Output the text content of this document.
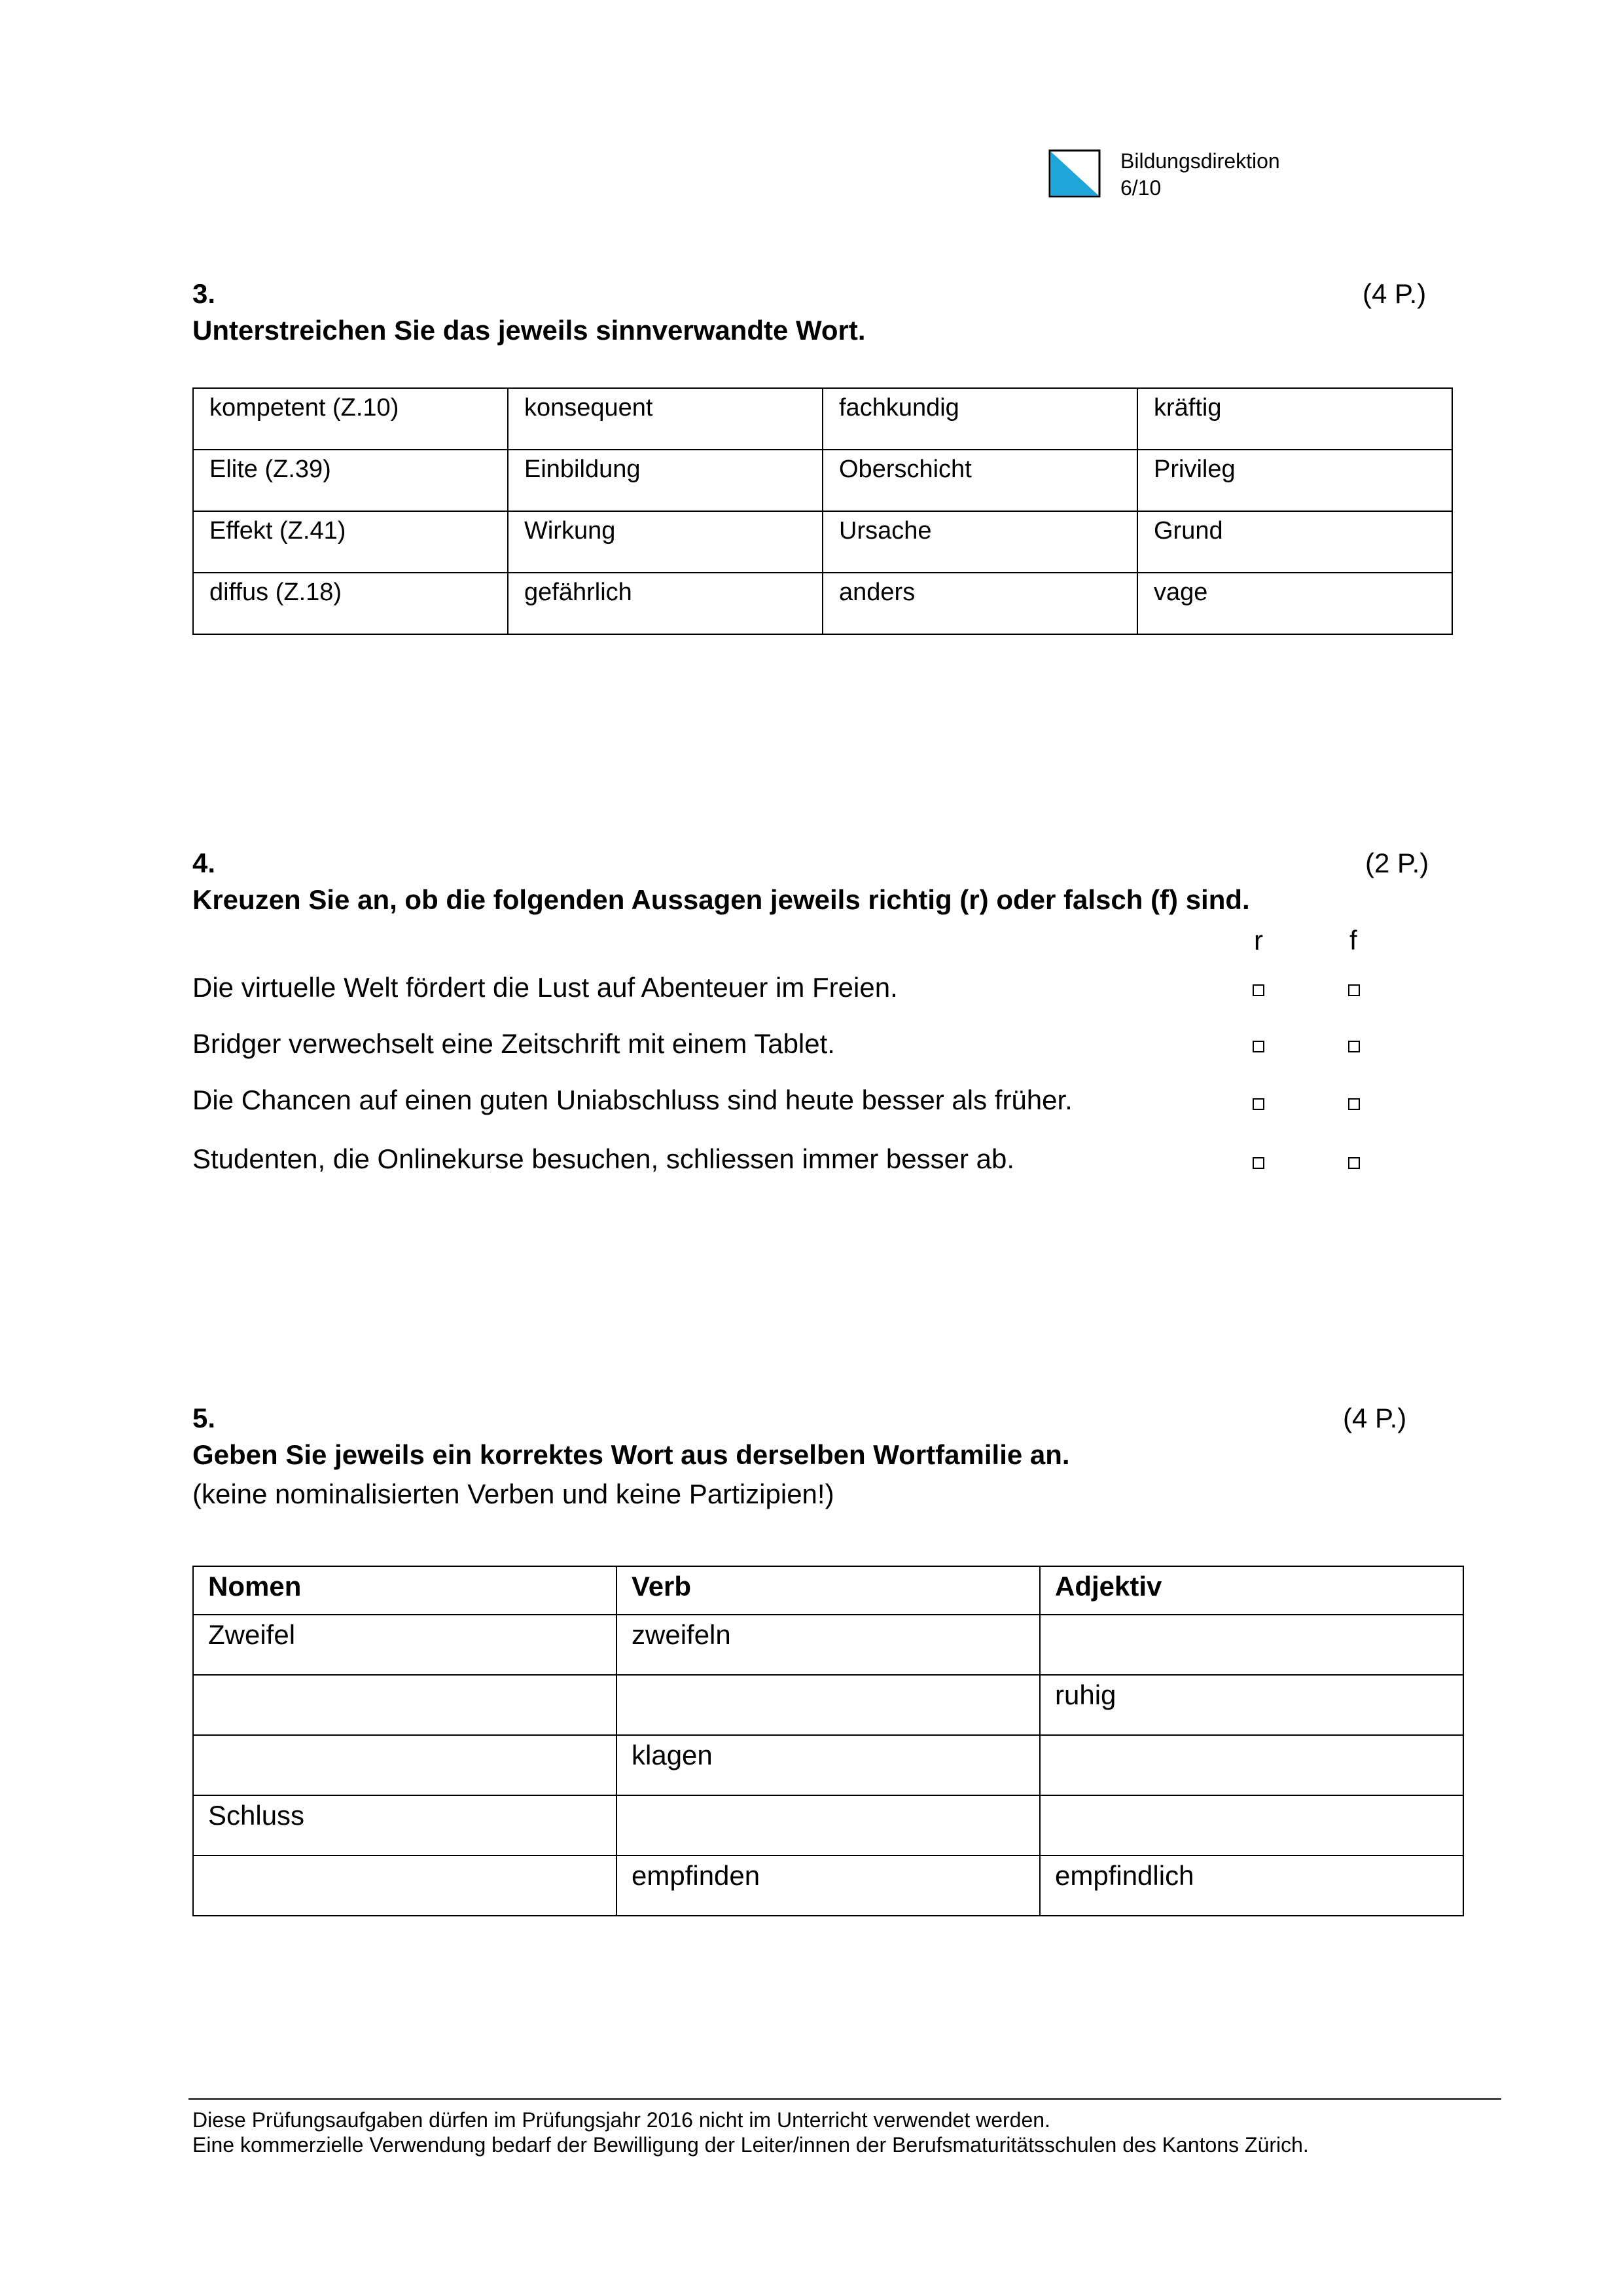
Bildungsdirektion
6/10
3.	(4 P.)
Unterstreichen Sie das jeweils sinnverwandte Wort.
kompetent (Z.10)	konsequent	fachkundig	kräftig
Elite (Z.39)	Einbildung	Oberschicht	Privileg
Effekt (Z.41)	Wirkung	Ursache	Grund
diffus (Z.18)	gefährlich	anders	vage
4.	(2 P.)
Kreuzen Sie an, ob die folgenden Aussagen jeweils richtig (r) oder falsch (f) sind.
r	f
Die virtuelle Welt fördert die Lust auf Abenteuer im Freien.
Bridger verwechselt eine Zeitschrift mit einem Tablet.
Die Chancen auf einen guten Uniabschluss sind heute besser als früher.
Studenten, die Onlinekurse besuchen, schliessen immer besser ab.
5.	(4 P.)
Geben Sie jeweils ein korrektes Wort aus derselben Wortfamilie an.
(keine nominalisierten Verben und keine Partizipien!)
Nomen	Verb	Adjektiv
Zweifel	zweifeln	
		ruhig
	klagen	
Schluss		
	empfinden	empfindlich
Diese Prüfungsaufgaben dürfen im Prüfungsjahr 2016 nicht im Unterricht verwendet werden.
Eine kommerzielle Verwendung bedarf der Bewilligung der Leiter/innen der Berufsmaturitätsschulen des Kantons Zürich.
